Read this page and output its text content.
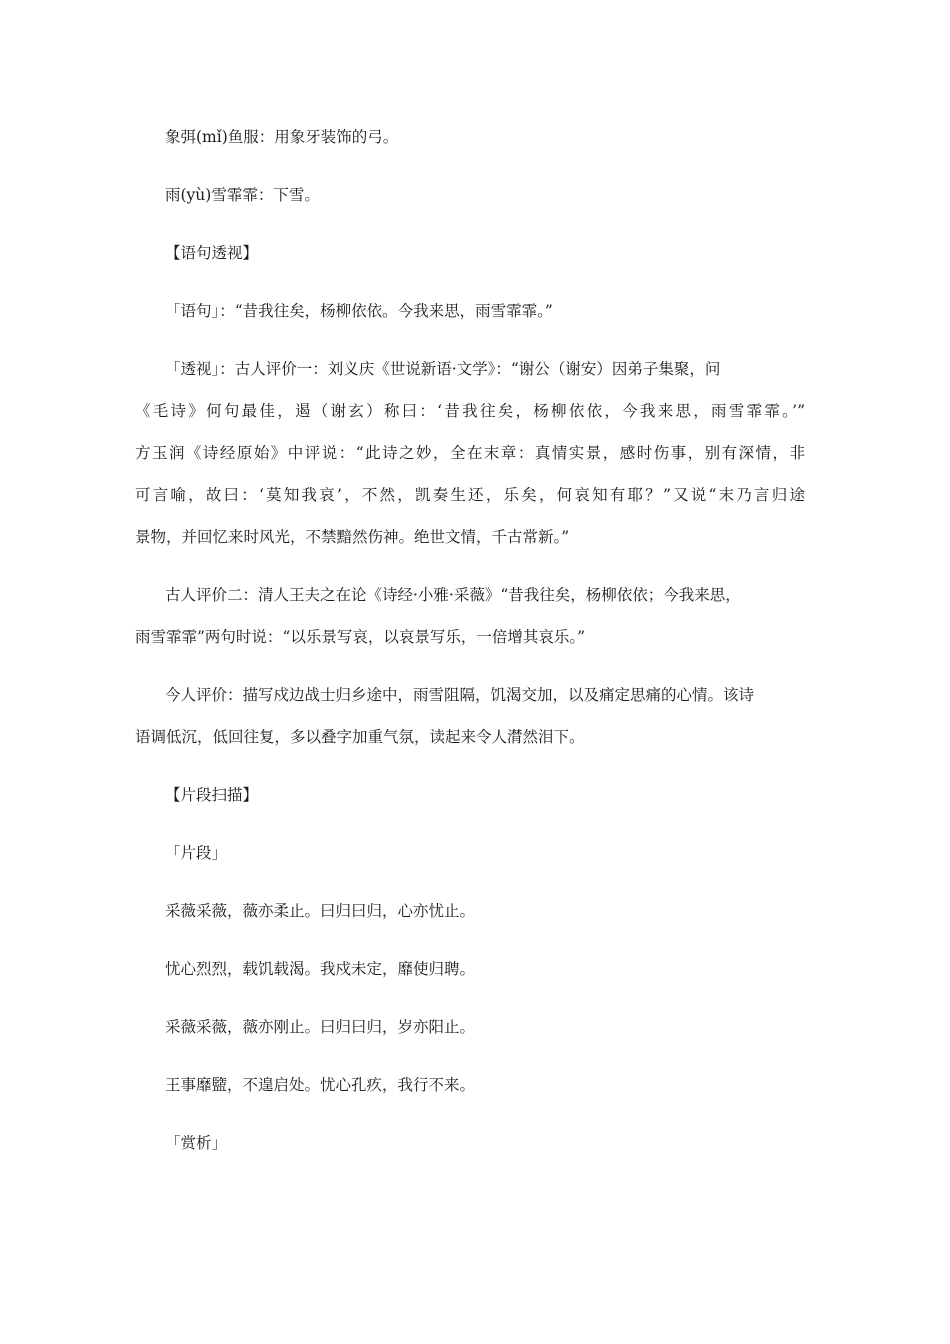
象弭(mǐ)鱼服：用象牙装饰的弓。
雨(yù)雪霏霏：下雪。
【语句透视】
「语句」：“昔我往矣，杨柳依依。今我来思，雨雪霏霏。”
「透视」：古人评价一：刘义庆《世说新语·文学》：“谢公（谢安）因弟子集聚，问
《毛诗》何句最佳，遏（谢玄）称曰：‘昔我往矣，杨柳依依，今我来思，雨雪霏霏。’”
方玉润《诗经原始》中评说：“此诗之妙，全在末章：真情实景，感时伤事，别有深情，非
可言喻，故曰：‘莫知我哀’，不然，凯奏生还，乐矣，何哀知有耶？”又说“末乃言归途
景物，并回忆来时风光，不禁黯然伤神。绝世文情，千古常新。”
古人评价二：清人王夫之在论《诗经·小雅·采薇》“昔我往矣，杨柳依依；今我来思，
雨雪霏霏”两句时说：“以乐景写哀，以哀景写乐，一倍增其哀乐。”
今人评价：描写戍边战士归乡途中，雨雪阻隔，饥渴交加，以及痛定思痛的心情。该诗
语调低沉，低回往复，多以叠字加重气氛，读起来令人潸然泪下。
【片段扫描】
「片段」
采薇采薇，薇亦柔止。曰归曰归，心亦忧止。
忧心烈烈，载饥载渴。我戍未定，靡使归聘。
采薇采薇，薇亦刚止。曰归曰归，岁亦阳止。
王事靡盬，不遑启处。忧心孔疚，我行不来。
「赏析」
